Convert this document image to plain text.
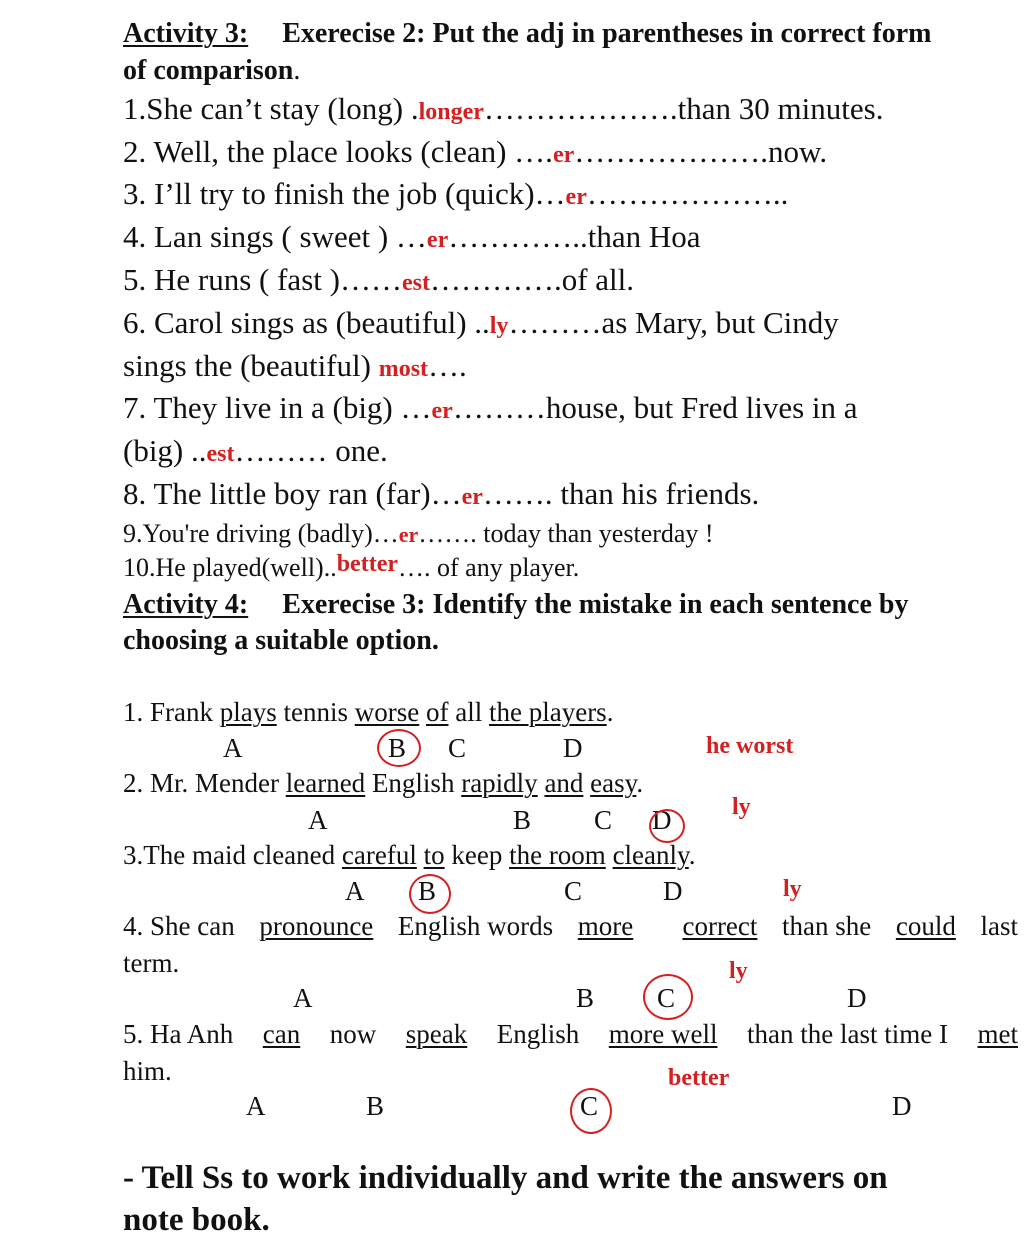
Activity 3: Exerecise 2: Put the adj in parentheses in correct form
of comparison.
1.She can’t stay (long) .longer……………….than 30 minutes.
2. Well, the place looks (clean) ….er……………….now.
3. I’ll try to finish the job (quick)…er………………..
4. Lan sings ( sweet ) …er…………..than Hoa
5. He runs ( fast )……est………….of all.
6. Carol sings as (beautiful) ..ly………as Mary, but Cindy
sings the (beautiful) most….
7. They live in a (big) …er………house, but Fred lives in a
(big) ..est……… one.
8. The little boy ran (far)…er……. than his friends.
9.You're driving (badly)…er……. today than yesterday !
10.He played(well)..better…. of any player.
Activity 4: Exerecise 3: Identify the mistake in each sentence by
choosing a suitable option.
1. Frank plays tennis worse of all the players.
A	B C	D	he worst
2. Mr. Mender learned English rapidly and easy.
A	B C D	ly
3.The maid cleaned careful to keep the room cleanly.
A B	C	D	ly
4. She can pronounce English words more correct than she could last
term.	ly
A	B C	D
5. Ha Anh can now speak English more well than the last time I met
him.	better
A	B	C	D
- Tell Ss to work individually and write the answers on
note book.
